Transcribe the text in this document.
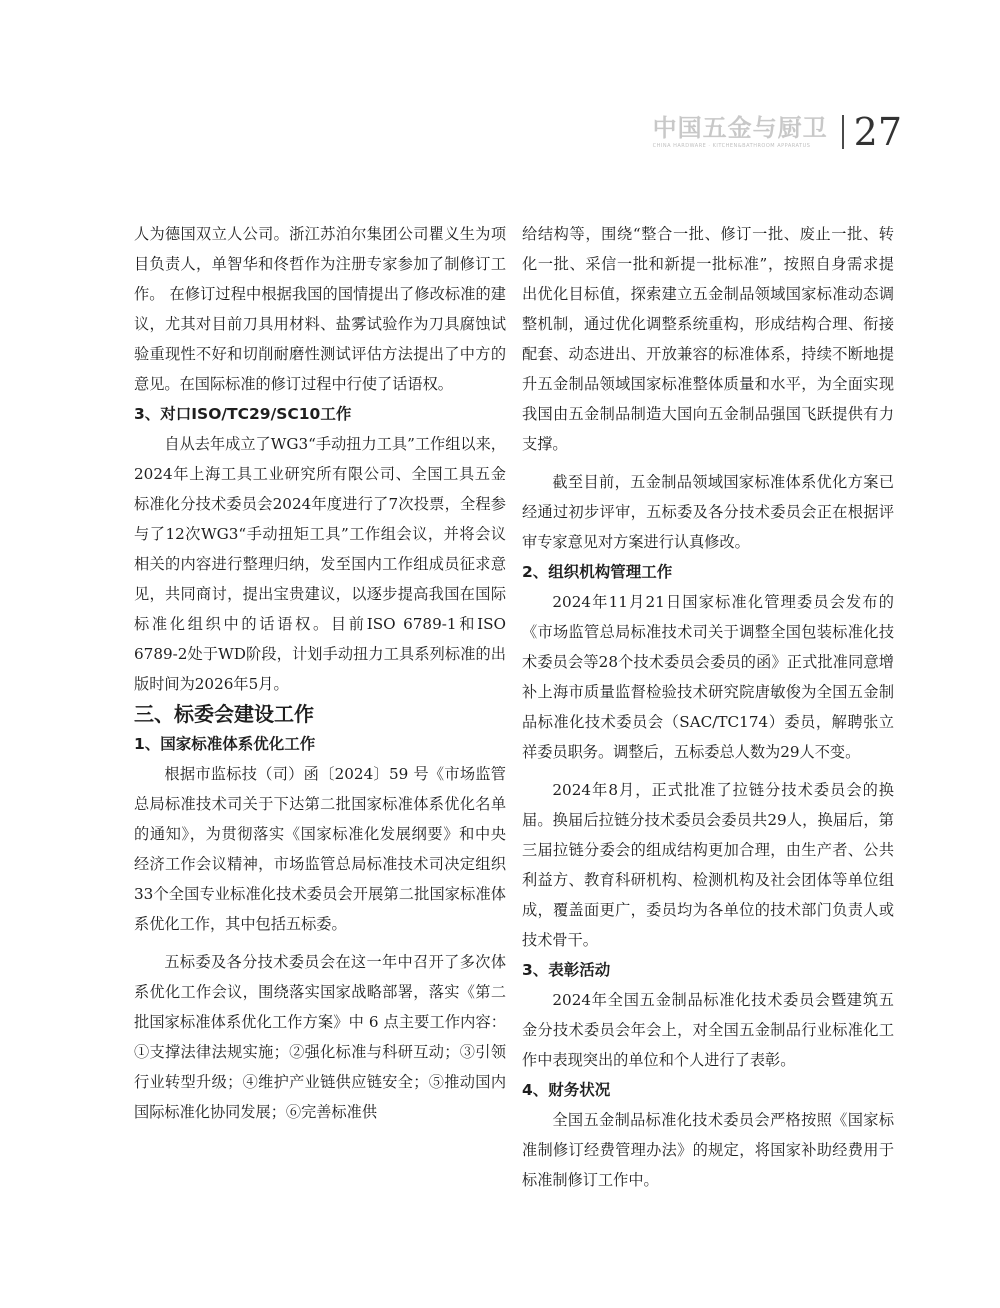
中国五金与厨卫
CHINA HARDWARE · KITCHEN&BATHROOM APPARATUS 27

人为德国双立人公司。浙江苏泊尔集团公司瞿义生为项目负责人，单智华和佟哲作为注册专家参加了制修订工作。 在修订过程中根据我国的国情提出了修改标准的建议，尤其对目前刀具用材料、盐雾试验作为刀具腐蚀试验重现性不好和切削耐磨性测试评估方法提出了中方的意见。在国际标准的修订过程中行使了话语权。

3、对口ISO/TC29/SC10工作

自从去年成立了WG3“手动扭力工具”工作组以来，2024年上海工具工业研究所有限公司、全国工具五金标准化分技术委员会2024年度进行了7次投票，全程参与了12次WG3“手动扭矩工具”工作组会议，并将会议相关的内容进行整理归纳，发至国内工作组成员征求意见，共同商讨，提出宝贵建议，以逐步提高我国在国际标准化组织中的话语权。目前ISO 6789-1和ISO 6789-2处于WD阶段，计划手动扭力工具系列标准的出版时间为2026年5月。

三、标委会建设工作

1、国家标准体系优化工作

根据市监标技（司）函〔2024〕59 号《市场监管总局标准技术司关于下达第二批国家标准体系优化名单的通知》，为贯彻落实《国家标准化发展纲要》和中央经济工作会议精神，市场监管总局标准技术司决定组织33个全国专业标准化技术委员会开展第二批国家标准体系优化工作，其中包括五标委。

五标委及各分技术委员会在这一年中召开了多次体系优化工作会议，围绕落实国家战略部署，落实《第二批国家标准体系优化工作方案》中 6 点主要工作内容：①支撑法律法规实施；②强化标准与科研互动；③引领行业转型升级；④维护产业链供应链安全；⑤推动国内国际标准化协同发展；⑥完善标准供

给结构等，围绕“整合一批、修订一批、废止一批、转化一批、采信一批和新提一批标准”，按照自身需求提出优化目标值，探索建立五金制品领域国家标准动态调整机制，通过优化调整系统重构，形成结构合理、衔接配套、动态进出、开放兼容的标准体系，持续不断地提升五金制品领域国家标准整体质量和水平，为全面实现我国由五金制品制造大国向五金制品强国飞跃提供有力支撑。

截至目前，五金制品领域国家标准体系优化方案已经通过初步评审，五标委及各分技术委员会正在根据评审专家意见对方案进行认真修改。

2、组织机构管理工作

2024年11月21日国家标准化管理委员会发布的《市场监管总局标准技术司关于调整全国包装标准化技术委员会等28个技术委员会委员的函》正式批准同意增补上海市质量监督检验技术研究院唐敏俊为全国五金制品标准化技术委员会（SAC/TC174）委员，解聘张立祥委员职务。调整后，五标委总人数为29人不变。

2024年8月，正式批准了拉链分技术委员会的换届。换届后拉链分技术委员会委员共29人，换届后，第三届拉链分委会的组成结构更加合理，由生产者、公共利益方、教育科研机构、检测机构及社会团体等单位组成，覆盖面更广，委员均为各单位的技术部门负责人或技术骨干。

3、表彰活动

2024年全国五金制品标准化技术委员会暨建筑五金分技术委员会年会上，对全国五金制品行业标准化工作中表现突出的单位和个人进行了表彰。

4、财务状况

全国五金制品标准化技术委员会严格按照《国家标准制修订经费管理办法》的规定，将国家补助经费用于标准制修订工作中。
